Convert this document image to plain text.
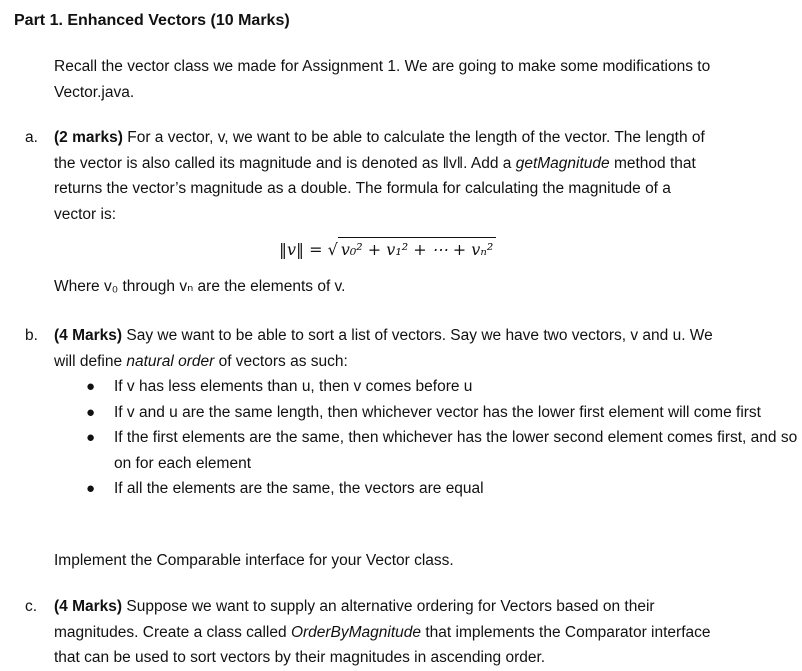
Part 1. Enhanced Vectors (10 Marks)
Recall the vector class we made for Assignment 1. We are going to make some modifications to
Vector.java.
a. (2 marks) For a vector, v, we want to be able to calculate the length of the vector. The length of
the vector is also called its magnitude and is denoted as ‖v‖. Add a getMagnitude method that
returns the vector’s magnitude as a double. The formula for calculating the magnitude of a
vector is:
‖v‖ = √ v₀² + v₁² + ⋯ + vₙ²
Where v₀ through vₙ are the elements of v.
b. (4 Marks) Say we want to be able to sort a list of vectors. Say we have two vectors, v and u. We
will define natural order of vectors as such:
● If v has less elements than u, then v comes before u
● If v and u are the same length, then whichever vector has the lower first element will come first
● If the first elements are the same, then whichever has the lower second element comes first, and so on for each element
● If all the elements are the same, the vectors are equal
Implement the Comparable interface for your Vector class.
c. (4 Marks) Suppose we want to supply an alternative ordering for Vectors based on their
magnitudes. Create a class called OrderByMagnitude that implements the Comparator interface
that can be used to sort vectors by their magnitudes in ascending order.
